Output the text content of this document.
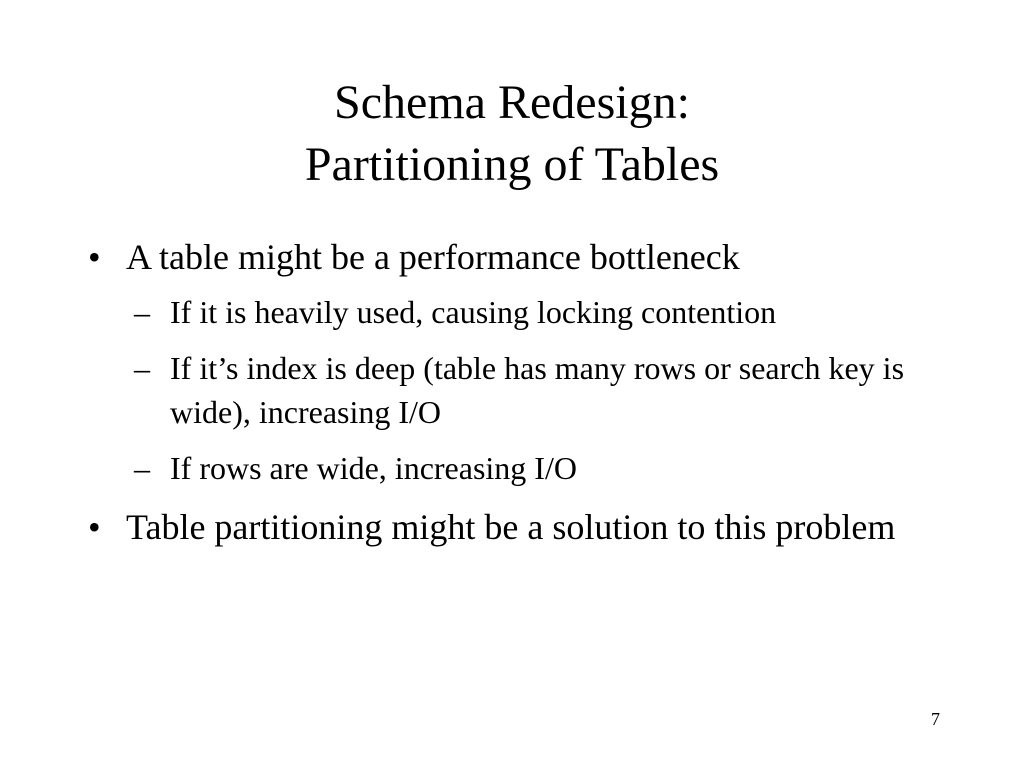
Schema Redesign:
Partitioning of Tables
• A table might be a performance bottleneck
– If it is heavily used, causing locking contention
– If it’s index is deep (table has many rows or search key is wide), increasing I/O
– If rows are wide, increasing I/O
• Table partitioning might be a solution to this problem
7
